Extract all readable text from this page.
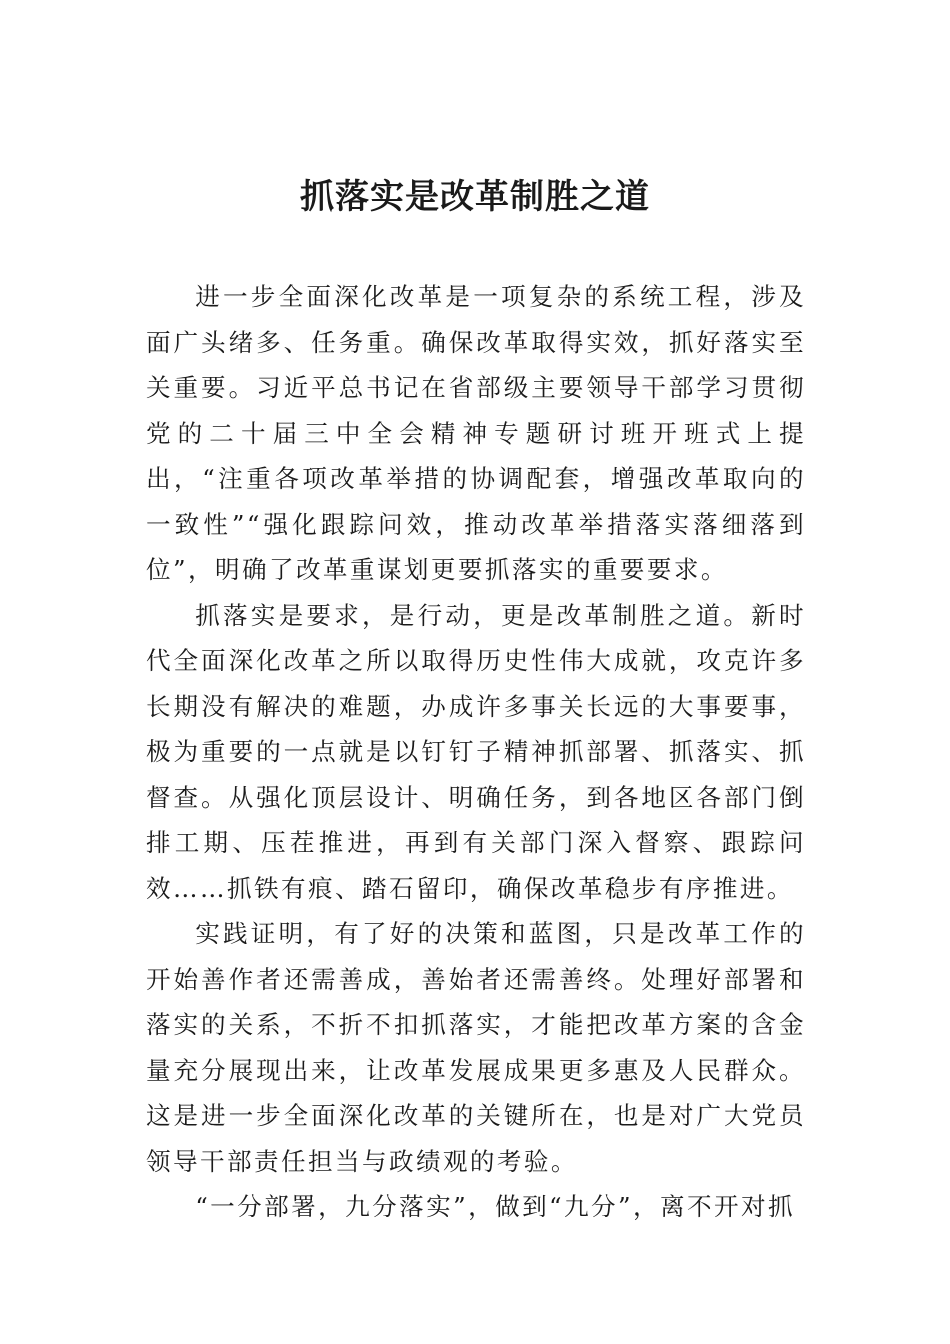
抓落实是改革制胜之道

进一步全面深化改革是一项复杂的系统工程，涉及面广头绪多、任务重。确保改革取得实效，抓好落实至关重要。习近平总书记在省部级主要领导干部学习贯彻党的二十届三中全会精神专题研讨班开班式上提出，“注重各项改革举措的协调配套，增强改革取向的一致性”“强化跟踪问效，推动改革举措落实落细落到位”，明确了改革重谋划更要抓落实的重要要求。

抓落实是要求，是行动，更是改革制胜之道。新时代全面深化改革之所以取得历史性伟大成就，攻克许多长期没有解决的难题，办成许多事关长远的大事要事，极为重要的一点就是以钉钉子精神抓部署、抓落实、抓督查。从强化顶层设计、明确任务，到各地区各部门倒排工期、压茬推进，再到有关部门深入督察、跟踪问效……抓铁有痕、踏石留印，确保改革稳步有序推进。

实践证明，有了好的决策和蓝图，只是改革工作的开始善作者还需善成，善始者还需善终。处理好部署和落实的关系，不折不扣抓落实，才能把改革方案的含金量充分展现出来，让改革发展成果更多惠及人民群众。这是进一步全面深化改革的关键所在，也是对广大党员领导干部责任担当与政绩观的考验。

“一分部署，九分落实”，做到“九分”，离不开对抓
